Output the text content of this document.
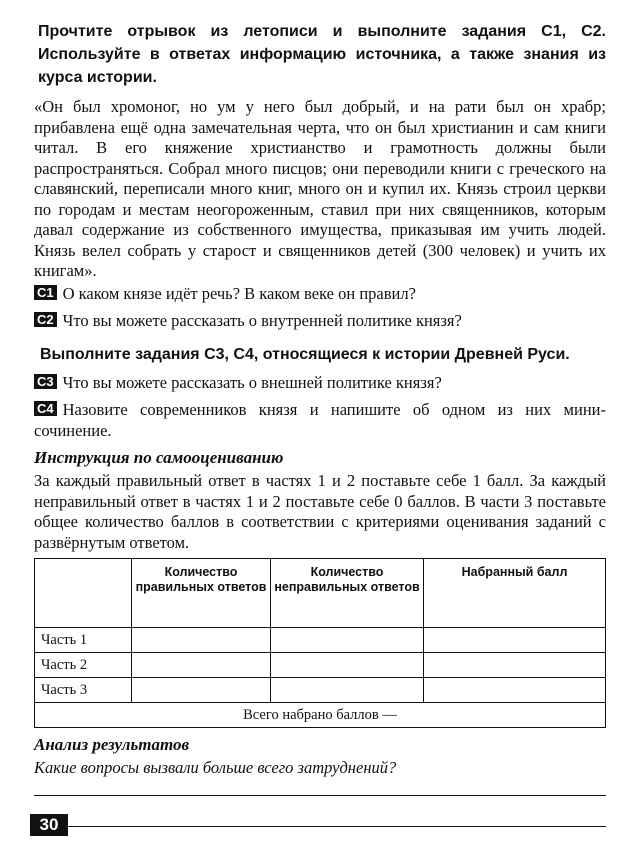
Прочтите отрывок из летописи и выполните задания С1, С2. Используйте в ответах информацию источника, а также знания из курса истории.
«Он был хромоног, но ум у него был добрый, и на рати был он храбр; прибавлена ещё одна замечательная черта, что он был христианин и сам книги читал. В его княжение христианство и грамотность должны были распространяться. Собрал много писцов; они переводили книги с греческого на славянский, переписали много книг, много он и купил их. Князь строил церкви по городам и местам неогороженным, ставил при них священников, которым давал содержание из собственного имущества, приказывая им учить людей. Князь велел собрать у старост и священников детей (300 человек) и учить их книгам».
С1 О каком князе идёт речь? В каком веке он правил?
С2 Что вы можете рассказать о внутренней политике князя?
Выполните задания С3, С4, относящиеся к истории Древней Руси.
С3 Что вы можете рассказать о внешней политике князя?
С4 Назовите современников князя и напишите об одном из них мини-сочинение.
Инструкция по самооцениванию
За каждый правильный ответ в частях 1 и 2 поставьте себе 1 балл. За каждый неправильный ответ в частях 1 и 2 поставьте себе 0 баллов. В части 3 поставьте общее количество баллов в соответствии с критериями оценивания заданий с развёрнутым ответом.
	Количество правильных ответов	Количество неправильных ответов	Набранный балл
Часть 1			
Часть 2			
Часть 3			
Всего набрано баллов —			
Анализ результатов
Какие вопросы вызвали больше всего затруднений?
30
